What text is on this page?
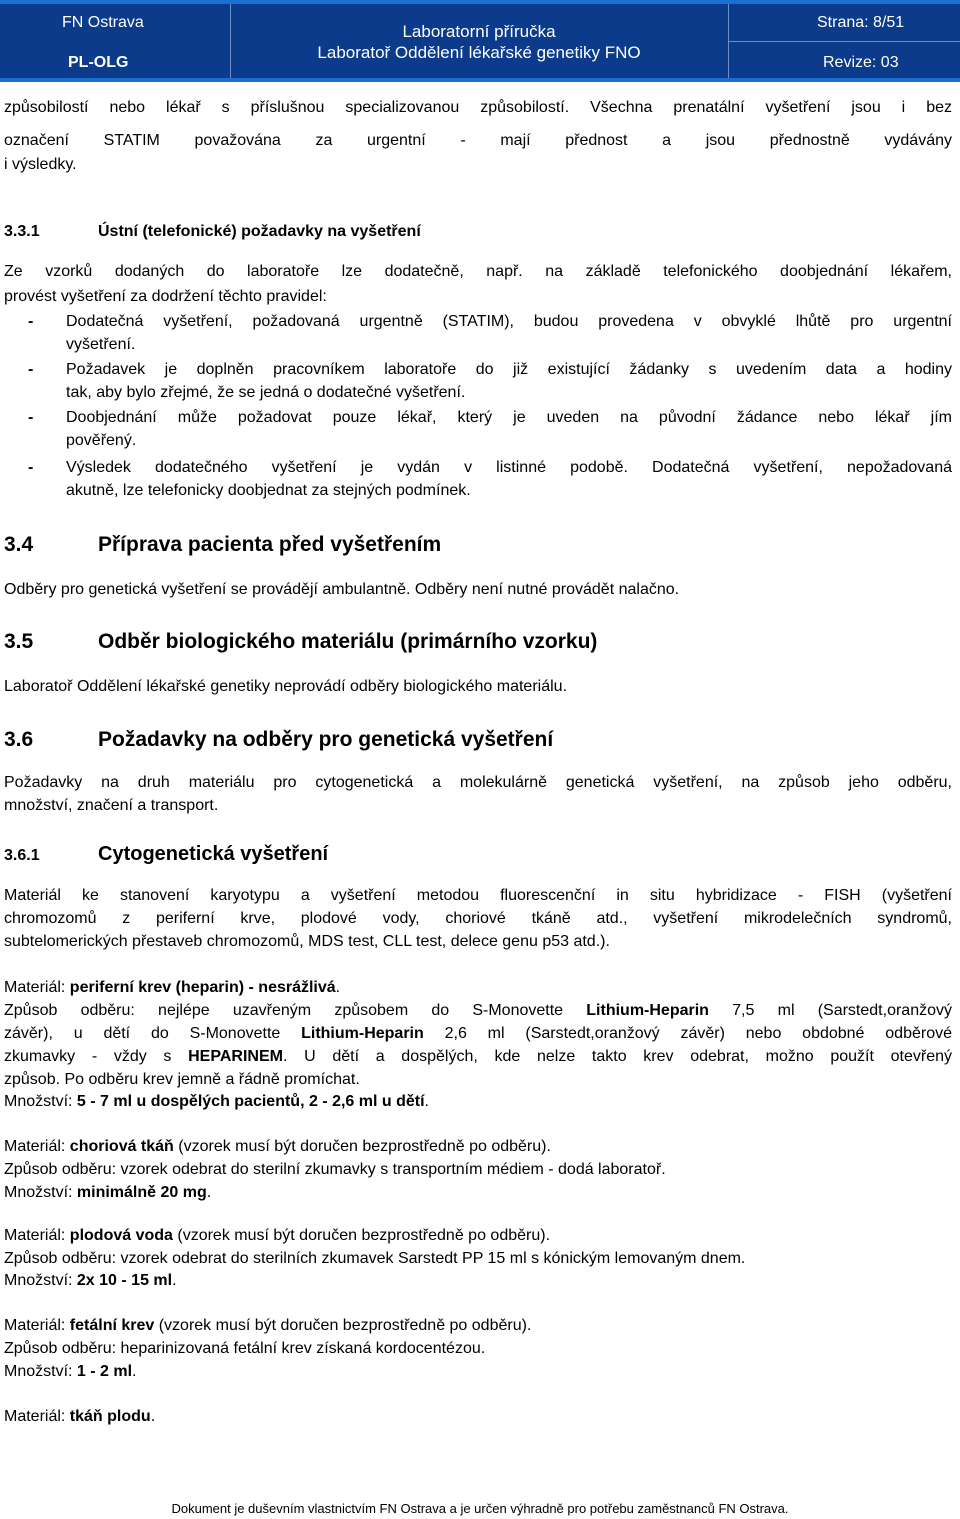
FN Ostrava
PL-OLG
Laboratorní příručka
Laboratoř Oddělení lékařské genetiky FNO
Strana: 8/51
Revize: 03

způsobilostí nebo lékař s příslušnou specializovanou způsobilostí. Všechna prenatální vyšetření jsou i bez

označení STATIM považována za urgentní - mají přednost a jsou přednostně vydávány

i výsledky.

3.3.1	Ústní (telefonické) požadavky na vyšetření

Ze vzorků dodaných do laboratoře lze dodatečně, např. na základě telefonického doobjednání lékařem,

provést vyšetření za dodržení těchto pravidel:

- Dodatečná vyšetření, požadovaná urgentně (STATIM), budou provedena v obvyklé lhůtě pro urgentní
vyšetření.
- Požadavek je doplněn pracovníkem laboratoře do již existující žádanky s uvedením data a hodiny
tak, aby bylo zřejmé, že se jedná o dodatečné vyšetření.
- Doobjednání může požadovat pouze lékař, který je uveden na původní žádance nebo lékař jím
pověřený.
- Výsledek dodatečného vyšetření je vydán v listinné podobě. Dodatečná vyšetření, nepožadovaná
akutně, lze telefonicky doobjednat za stejných podmínek.
3.4	Příprava pacienta před vyšetřením

Odběry pro genetická vyšetření se provádějí ambulantně. Odběry není nutné provádět nalačno.

3.5	Odběr biologického materiálu (primárního vzorku)

Laboratoř Oddělení lékařské genetiky neprovádí odběry biologického materiálu.

3.6	Požadavky na odběry pro genetická vyšetření

Požadavky na druh materiálu pro cytogenetická a molekulárně genetická vyšetření, na způsob jeho odběru,

množství, značení a transport.

3.6.1	Cytogenetická vyšetření

Materiál ke stanovení karyotypu a vyšetření metodou fluorescenční in situ hybridizace - FISH (vyšetření

chromozomů z periferní krve, plodové vody, choriové tkáně atd., vyšetření mikrodelečních syndromů,

subtelomerických přestaveb chromozomů, MDS test, CLL test, delece genu p53 atd.).

Materiál: periferní krev (heparin) - nesrážlivá.

Způsob odběru: nejlépe uzavřeným způsobem do S-Monovette Lithium-Heparin 7,5 ml (Sarstedt,oranžový

závěr), u dětí do S-Monovette Lithium-Heparin 2,6 ml (Sarstedt,oranžový závěr) nebo obdobné odběrové

zkumavky - vždy s HEPARINEM. U dětí a dospělých, kde nelze takto krev odebrat, možno použít otevřený

způsob. Po odběru krev jemně a řádně promíchat.

Množství: 5 - 7 ml u dospělých pacientů, 2 - 2,6 ml u dětí.

Materiál: choriová tkáň (vzorek musí být doručen bezprostředně po odběru).

Způsob odběru: vzorek odebrat do sterilní zkumavky s transportním médiem - dodá laboratoř.

Množství: minimálně 20 mg.

Materiál: plodová voda (vzorek musí být doručen bezprostředně po odběru).

Způsob odběru: vzorek odebrat do sterilních zkumavek Sarstedt PP 15 ml s kónickým lemovaným dnem.

Množství: 2x 10 - 15 ml.

Materiál: fetální krev (vzorek musí být doručen bezprostředně po odběru).

Způsob odběru: heparinizovaná fetální krev získaná kordocentézou.

Množství: 1 - 2 ml.

Materiál: tkáň plodu.

Dokument je duševním vlastnictvím FN Ostrava a je určen výhradně pro potřebu zaměstnanců FN Ostrava.
